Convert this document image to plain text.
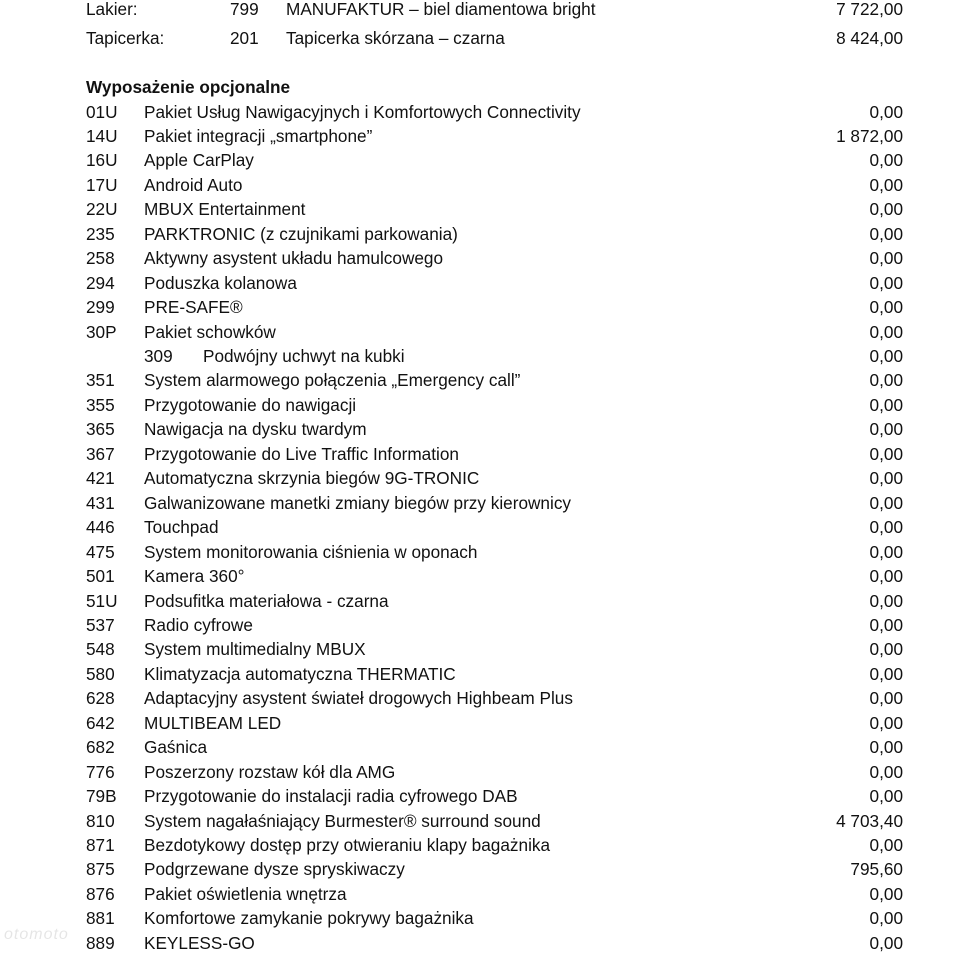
Lakier:	799 MANUFAKTUR – biel diamentowa bright	7 722,00
Tapicerka:	201 Tapicerka skórzana – czarna	8 424,00
Wyposażenie opcjonalne
01U Pakiet Usług Nawigacyjnych i Komfortowych Connectivity	0,00
14U Pakiet integracji „smartphone”	1 872,00
16U Apple CarPlay	0,00
17U Android Auto	0,00
22U MBUX Entertainment	0,00
235 PARKTRONIC (z czujnikami parkowania)	0,00
258 Aktywny asystent układu hamulcowego	0,00
294 Poduszka kolanowa	0,00
299 PRE-SAFE®	0,00
30P Pakiet schowków	0,00
309 Podwójny uchwyt na kubki	0,00
351 System alarmowego połączenia „Emergency call”	0,00
355 Przygotowanie do nawigacji	0,00
365 Nawigacja na dysku twardym	0,00
367 Przygotowanie do Live Traffic Information	0,00
421 Automatyczna skrzynia biegów 9G-TRONIC	0,00
431 Galwanizowane manetki zmiany biegów przy kierownicy	0,00
446 Touchpad	0,00
475 System monitorowania ciśnienia w oponach	0,00
501 Kamera 360°	0,00
51U Podsufitka materiałowa - czarna	0,00
537 Radio cyfrowe	0,00
548 System multimedialny MBUX	0,00
580 Klimatyzacja automatyczna THERMATIC	0,00
628 Adaptacyjny asystent świateł drogowych Highbeam Plus	0,00
642 MULTIBEAM LED	0,00
682 Gaśnica	0,00
776 Poszerzony rozstaw kół dla AMG	0,00
79B Przygotowanie do instalacji radia cyfrowego DAB	0,00
810 System nagałaśniający Burmester® surround sound	4 703,40
871 Bezdotykowy dostęp przy otwieraniu klapy bagażnika	0,00
875 Podgrzewane dysze spryskiwaczy	795,60
876 Pakiet oświetlenia wnętrza	0,00
881 Komfortowe zamykanie pokrywy bagażnika	0,00
889 KEYLESS-GO	0,00
otomoto
